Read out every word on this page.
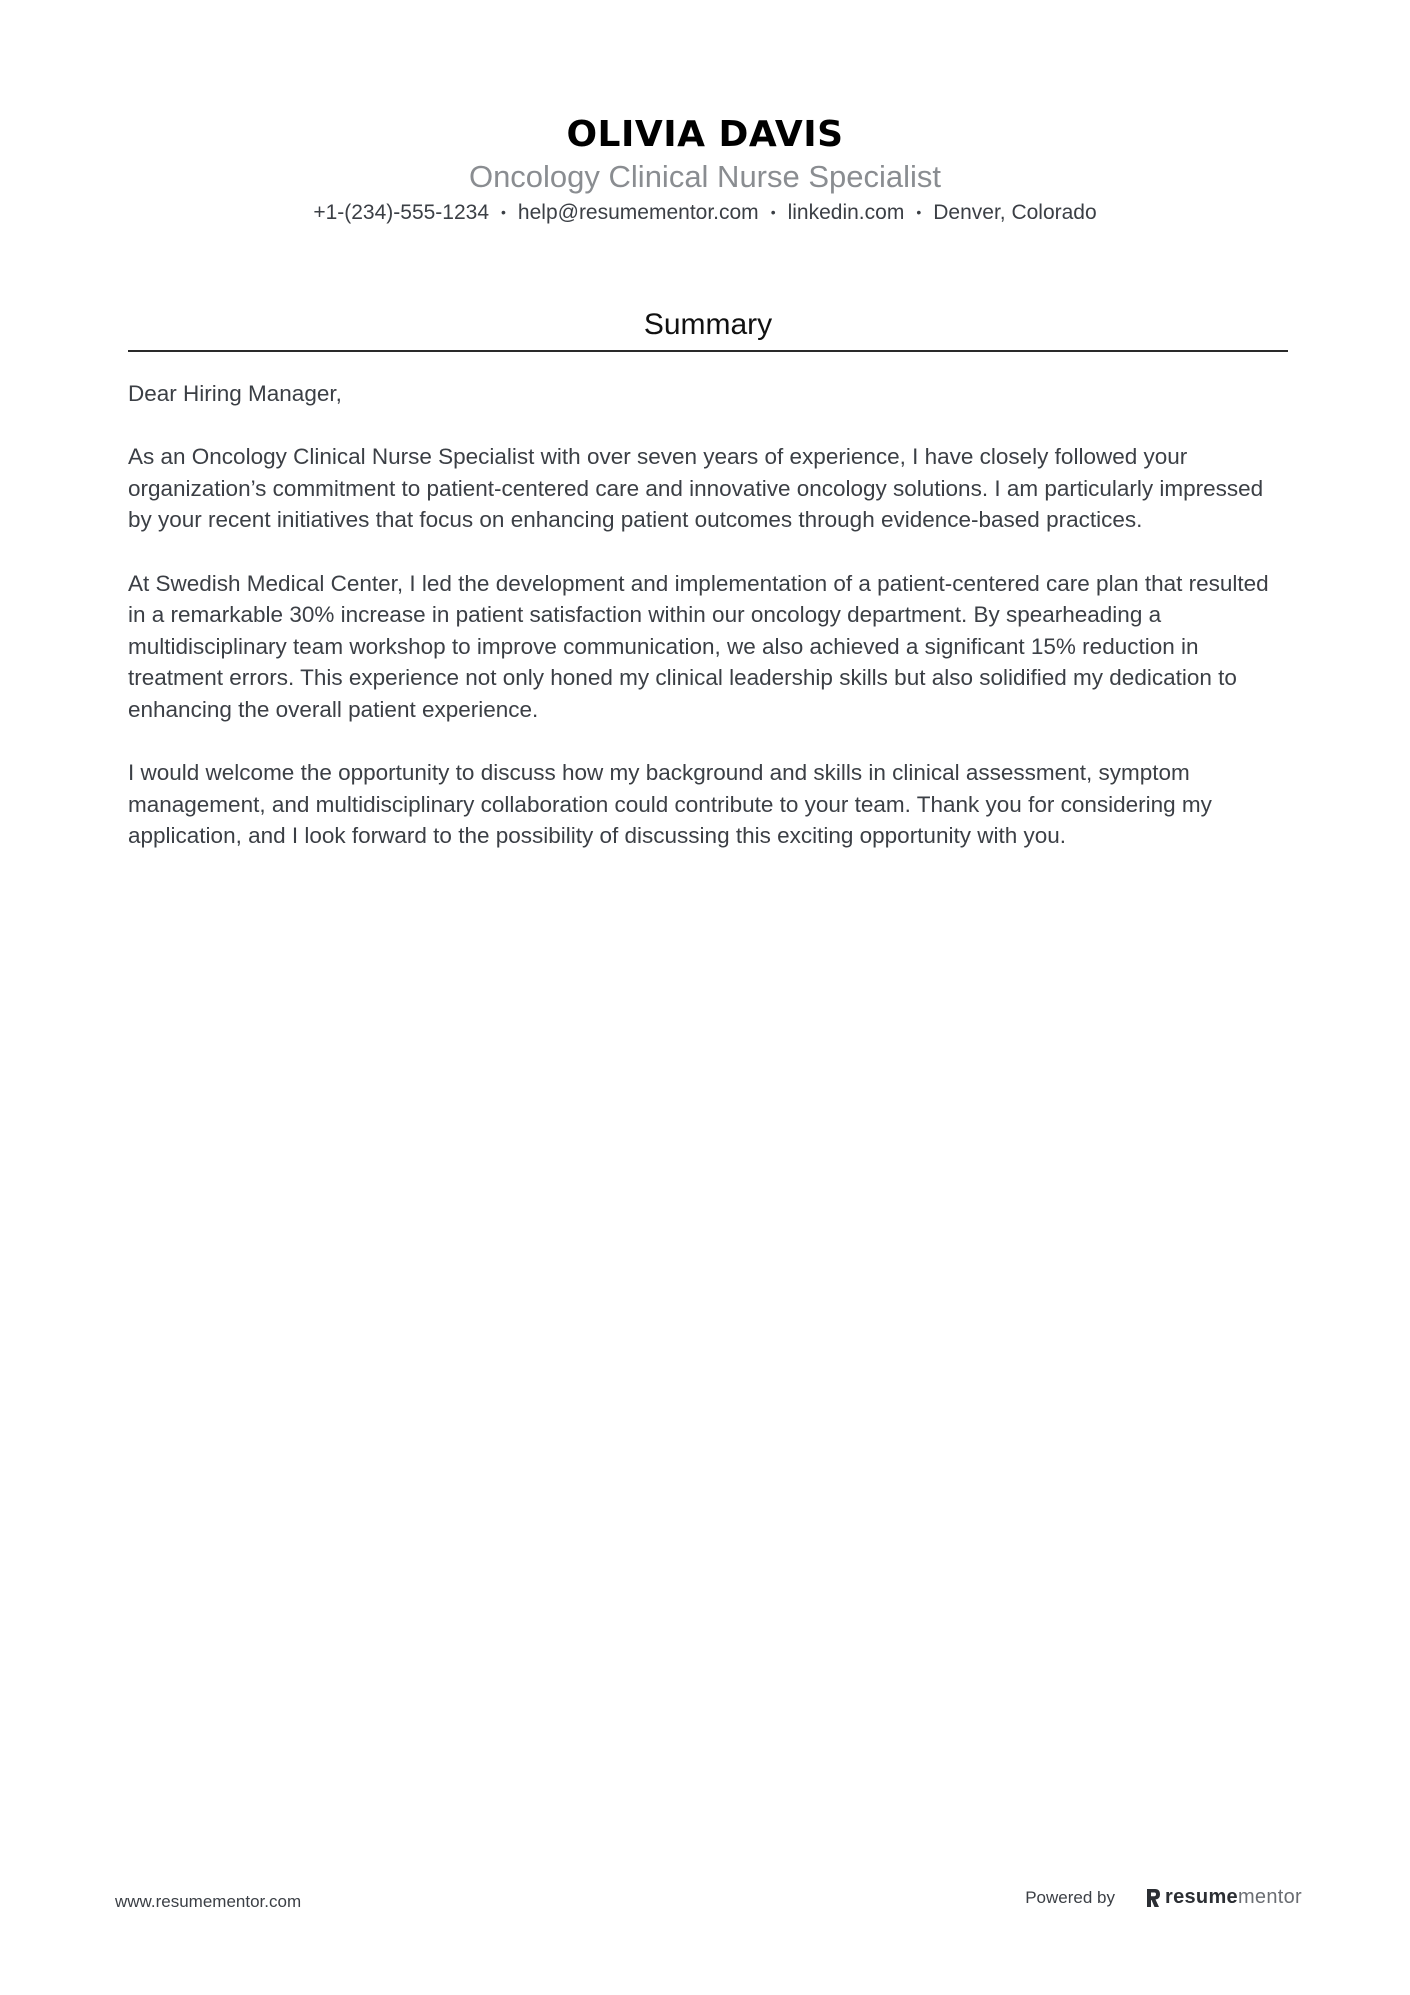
OLIVIA DAVIS
Oncology Clinical Nurse Specialist
+1-(234)-555-1234 • help@resumementor.com • linkedin.com • Denver, Colorado
Summary

Dear Hiring Manager,

As an Oncology Clinical Nurse Specialist with over seven years of experience, I have closely followed your organization’s commitment to patient-centered care and innovative oncology solutions. I am particularly impressed by your recent initiatives that focus on enhancing patient outcomes through evidence-based practices.

At Swedish Medical Center, I led the development and implementation of a patient-centered care plan that resulted in a remarkable 30% increase in patient satisfaction within our oncology department. By spearheading a multidisciplinary team workshop to improve communication, we also achieved a significant 15% reduction in treatment errors. This experience not only honed my clinical leadership skills but also solidified my dedication to enhancing the overall patient experience.

I would welcome the opportunity to discuss how my background and skills in clinical assessment, symptom management, and multidisciplinary collaboration could contribute to your team. Thank you for considering my application, and I look forward to the possibility of discussing this exciting opportunity with you.

www.resumementor.com	Powered by	resume mentor
